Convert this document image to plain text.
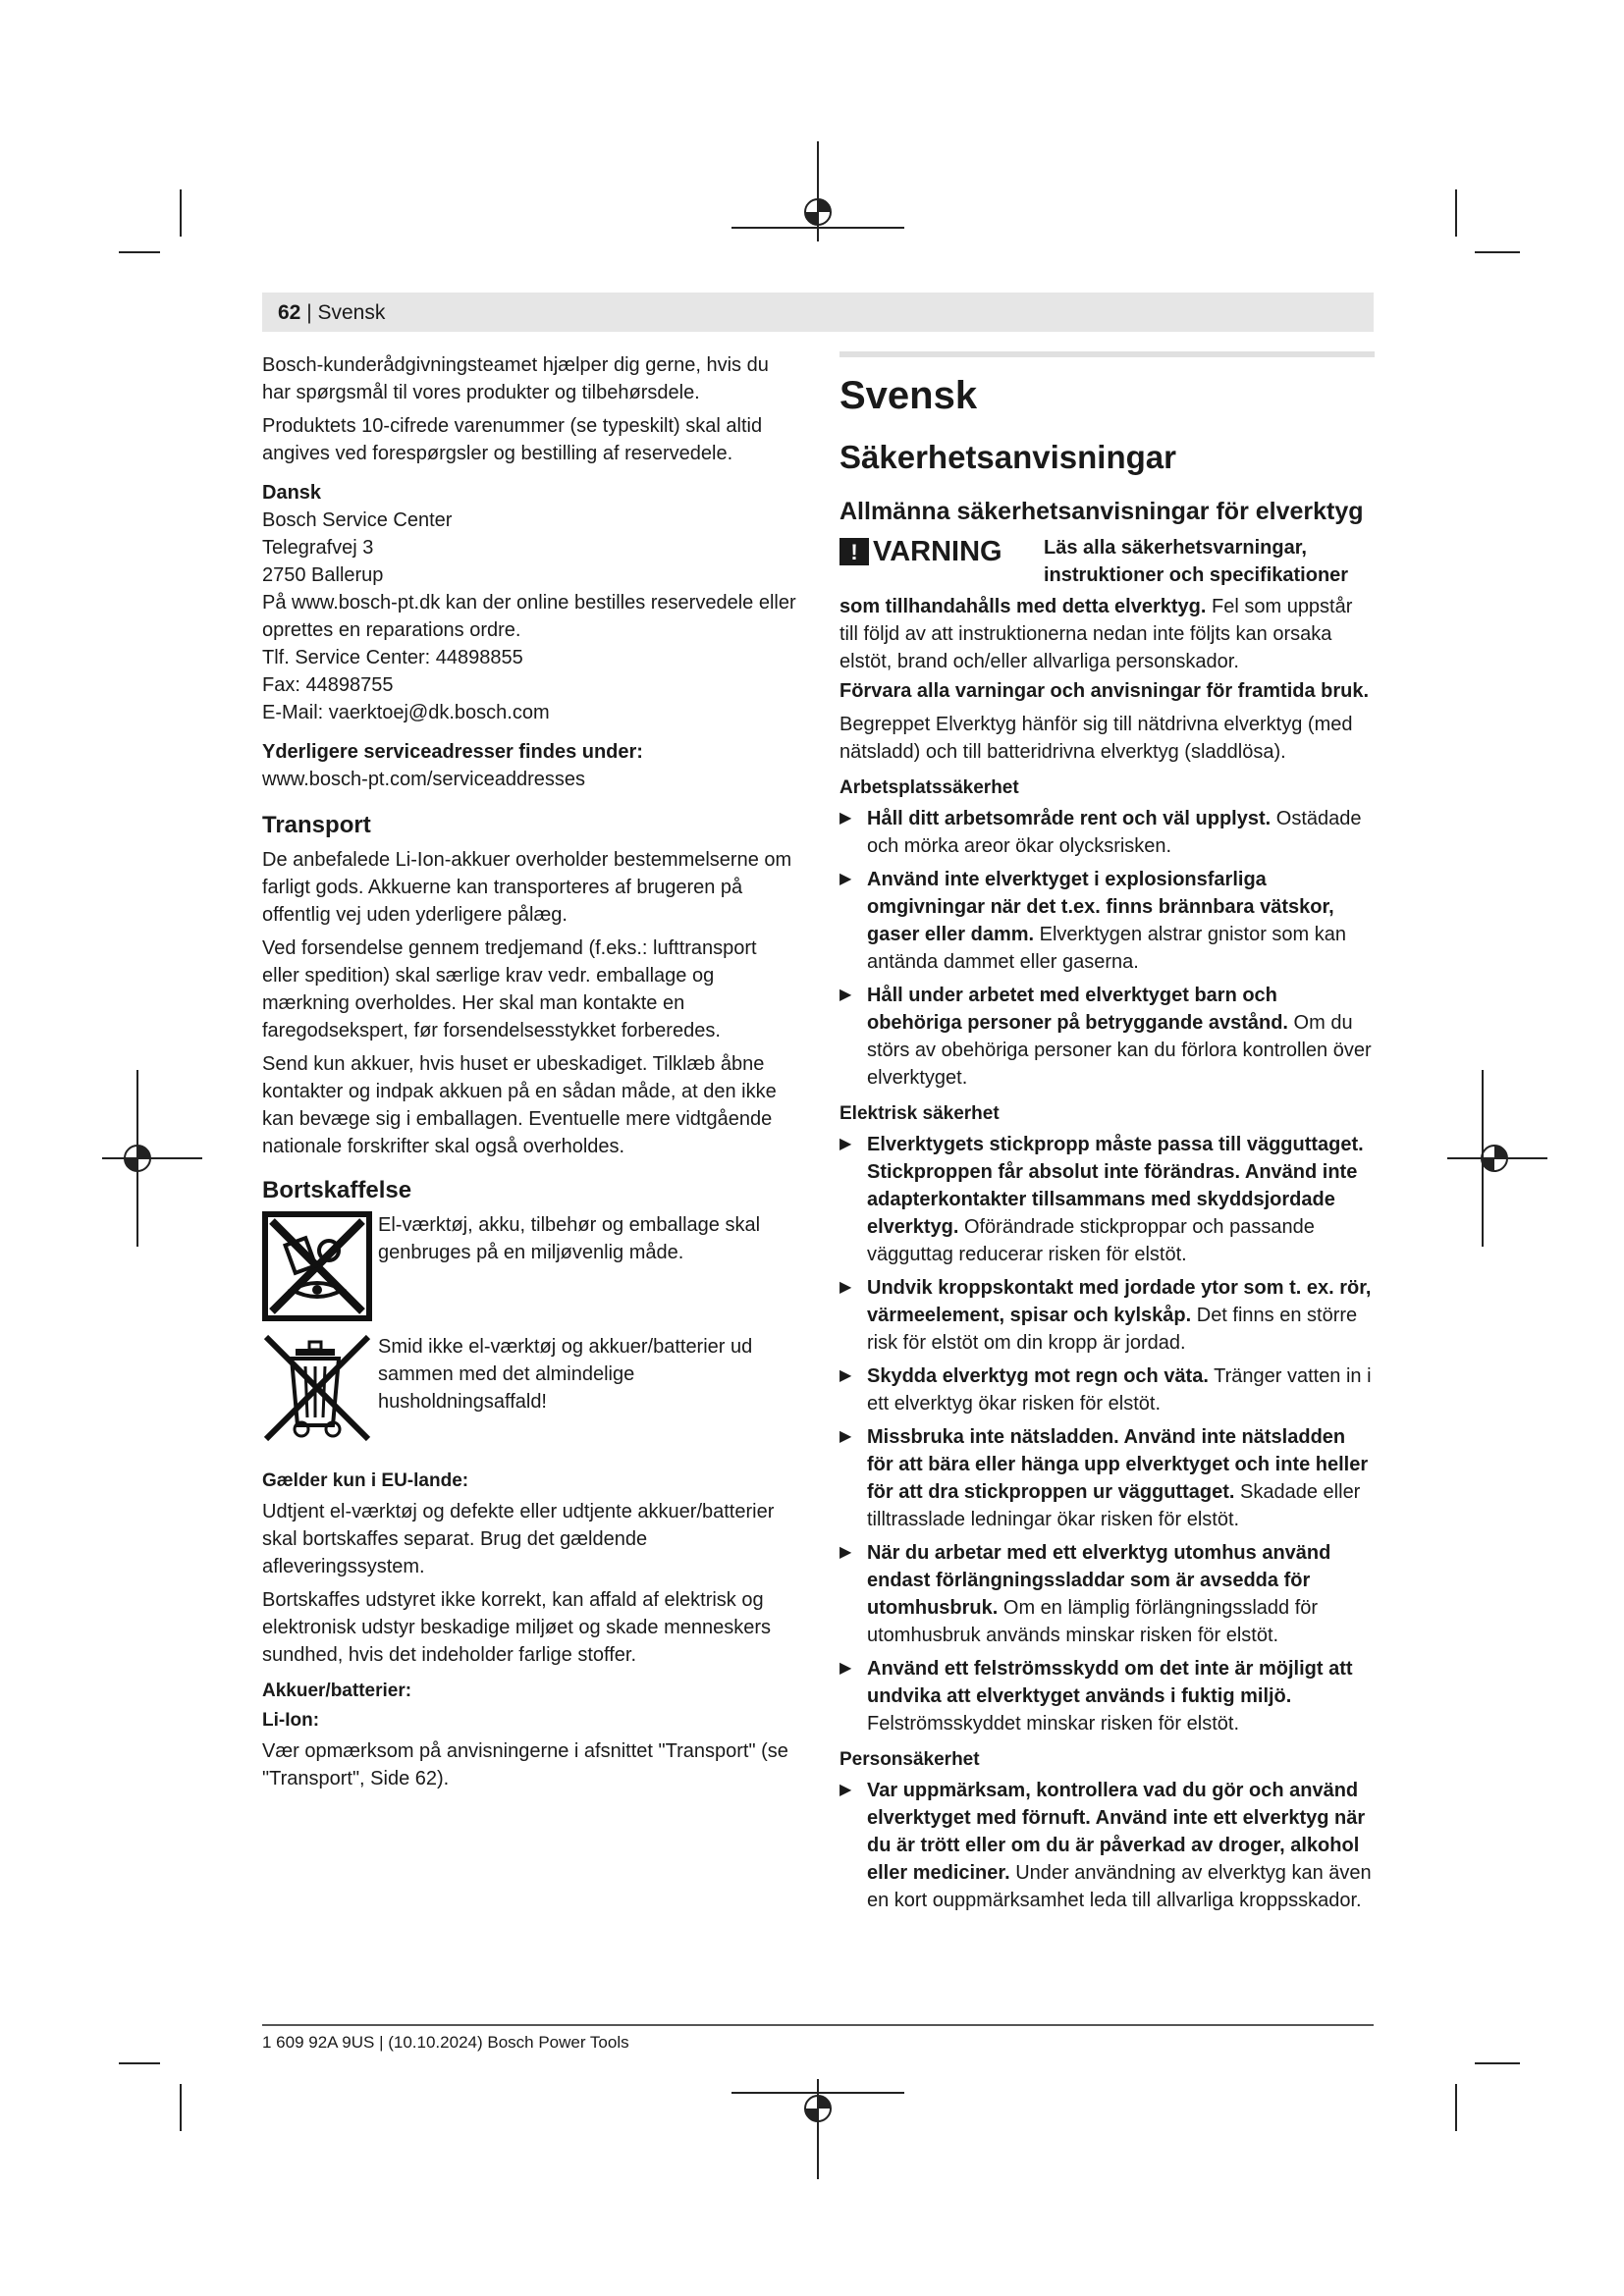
62 | Svensk

Bosch-kunderådgivningsteamet hjælper dig gerne, hvis du har spørgsmål til vores produkter og tilbehørsdele.

Produktets 10-cifrede varenummer (se typeskilt) skal altid angives ved forespørgsler og bestilling af reservedele.

Dansk
Bosch Service Center
Telegrafvej 3
2750 Ballerup
På www.bosch-pt.dk kan der online bestilles reservedele eller oprettes en reparations ordre.
Tlf. Service Center: 44898855
Fax: 44898755
E-Mail: vaerktoej@dk.bosch.com
Yderligere serviceadresser findes under:

www.bosch-pt.com/serviceaddresses

Transport

De anbefalede Li-Ion-akkuer overholder bestemmelserne om farligt gods. Akkuerne kan transporteres af brugeren på offentlig vej uden yderligere pålæg.

Ved forsendelse gennem tredjemand (f.eks.: lufttransport eller spedition) skal særlige krav vedr. emballage og mærkning overholdes. Her skal man kontakte en faregodsekspert, før forsendelsesstykket forberedes.

Send kun akkuer, hvis huset er ubeskadiget. Tilklæb åbne kontakter og indpak akkuen på en sådan måde, at den ikke kan bevæge sig i emballagen. Eventuelle mere vidtgående nationale forskrifter skal også overholdes.

Bortskaffelse
El-værktøj, akku, tilbehør og emballage skal genbruges på en miljøvenlig måde.
Smid ikke el-værktøj og akkuer/batterier ud sammen med det almindelige husholdningsaffald!
Gælder kun i EU-lande:

Udtjent el-værktøj og defekte eller udtjente akkuer/batterier skal bortskaffes separat. Brug det gældende afleveringssystem.

Bortskaffes udstyret ikke korrekt, kan affald af elektrisk og elektronisk udstyr beskadige miljøet og skade menneskers sundhed, hvis det indeholder farlige stoffer.

Akkuer/batterier:
Li-Ion:

Vær opmærksom på anvisningerne i afsnittet "Transport" (se "Transport", Side 62).

Svensk
Säkerhetsanvisningar
Allmänna säkerhetsanvisningar för elverktyg
! VARNING Läs alla säkerhetsvarningar, instruktioner och specifikationer

som tillhandahålls med detta elverktyg. Fel som uppstår till följd av att instruktionerna nedan inte följts kan orsaka elstöt, brand och/eller allvarliga personskador.

Förvara alla varningar och anvisningar för framtida bruk.

Begreppet Elverktyg hänför sig till nätdrivna elverktyg (med nätsladd) och till batteridrivna elverktyg (sladdlösa).

Arbetsplatssäkerhet
▶ Håll ditt arbetsområde rent och väl upplyst. Ostädade och mörka areor ökar olycksrisken.
▶ Använd inte elverktyget i explosionsfarliga omgivningar när det t.ex. finns brännbara vätskor, gaser eller damm. Elverktygen alstrar gnistor som kan antända dammet eller gaserna.
▶ Håll under arbetet med elverktyget barn och obehöriga personer på betryggande avstånd. Om du störs av obehöriga personer kan du förlora kontrollen över elverktyget.
Elektrisk säkerhet
▶ Elverktygets stickpropp måste passa till vägguttaget. Stickproppen får absolut inte förändras. Använd inte adapterkontakter tillsammans med skyddsjordade elverktyg. Oförändrade stickproppar och passande vägguttag reducerar risken för elstöt.
▶ Undvik kroppskontakt med jordade ytor som t. ex. rör, värmeelement, spisar och kylskåp. Det finns en större risk för elstöt om din kropp är jordad.
▶ Skydda elverktyg mot regn och väta. Tränger vatten in i ett elverktyg ökar risken för elstöt.
▶ Missbruka inte nätsladden. Använd inte nätsladden för att bära eller hänga upp elverktyget och inte heller för att dra stickproppen ur vägguttaget. Skadade eller tilltrasslade ledningar ökar risken för elstöt.
▶ När du arbetar med ett elverktyg utomhus använd endast förlängningssladdar som är avsedda för utomhusbruk. Om en lämplig förlängningssladd för utomhusbruk används minskar risken för elstöt.
▶ Använd ett felströmsskydd om det inte är möjligt att undvika att elverktyget används i fuktig miljö. Felströmsskyddet minskar risken för elstöt.
Personsäkerhet
▶ Var uppmärksam, kontrollera vad du gör och använd elverktyget med förnuft. Använd inte ett elverktyg när du är trött eller om du är påverkad av droger, alkohol eller mediciner. Under användning av elverktyg kan även en kort ouppmärksamhet leda till allvarliga kroppsskador.
1 609 92A 9US | (10.10.2024) Bosch Power Tools
